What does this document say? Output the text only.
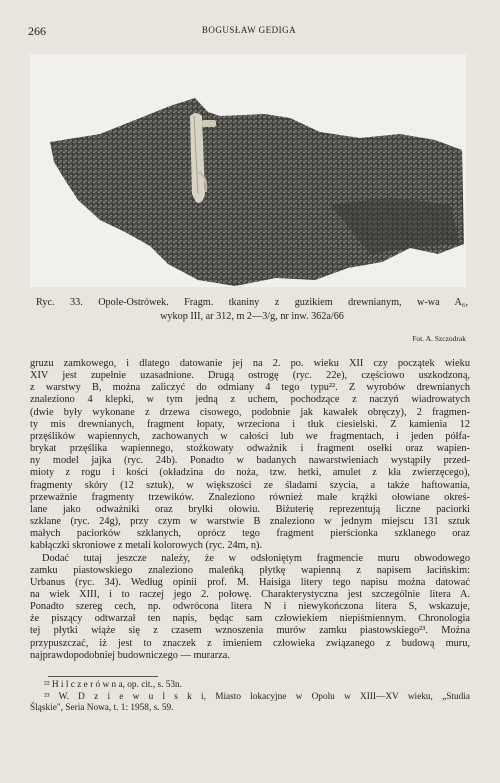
266	BOGUSŁAW GEDIGA
Ryc. 33. Opole-Ostrówek. Fragm. tkaniny z guzikiem drewnianym, w-wa A₆,
wykop III, ar 312, m 2—3/g, nr inw. 362a/66
Fot. A. Szczodrak

gruzu zamkowego, i dlatego datowanie jej na 2. po. wieku XII czy początek wieku
XIV jest zupełnie uzasadnione. Drugą ostrogę (ryc. 22e), częściowo uszkodzoną,
z warstwy B, można zaliczyć do odmiany 4 tego typu²². Z wyrobów drewnianych
znaleziono 4 klepki, w tym jedną z uchem, pochodzące z naczyń wiadrowatych
(dwie były wykonane z drzewa cisowego, podobnie jak kawałek obręczy), 2 fragmen-
ty mis drewnianych, fragment łopaty, wrzeciona i tłuk ciesielski. Z kamienia 12
przęślików wapiennych, zachowanych w całości lub we fragmentach, i jeden półfa-
brykat przęślika wapiennego, stożkowaty odważnik i fragment osełki oraz wapien-
ny model jajka (ryc. 24b). Ponadto w badanych nawarstwieniach wystąpiły przed-
mioty z rogu i kości (okładzina do noża, tzw. hetki, amulet z kła zwierzęcego),
fragmenty skóry (12 sztuk), w większości ze śladami szycia, a także haftowania,
przeważnie fragmenty trzewików. Znaleziono również małe krążki ołowiane okreś-
lane jako odważniki oraz bryłki ołowiu. Biżuterię reprezentują liczne paciorki
szklane (ryc. 24g), przy czym w warstwie B znaleziono w jednym miejscu 131 sztuk
małych paciorków szklanych, oprócz tego fragment pierścionka szklanego oraz
kabłączki skroniowe z metali kolorowych (ryc. 24m, n).

Dodać tutaj jeszcze należy, że w odsłoniętym fragmencie muru obwodowego
zamku piastowskiego znaleziono maleńką płytkę wapienną z napisem łacińskim:
Urbanus (ryc. 34). Według opinii prof. M. Haisiga litery tego napisu można datować
na wiek XIII, i to raczej jego 2. połowę. Charakterystyczna jest szczególnie litera A.
Ponadto szereg cech, np. odwrócona litera N i niewykończona litera S, wskazuje,
że piszący odtwarzał ten napis, będąc sam człowiekiem niepiśmiennym. Chronologia
tej płytki wiąże się z czasem wznoszenia murów zamku piastowskiego²³. Można
przypuszczać, iż jest to znaczek z imieniem człowieka związanego z budową muru,
najprawdopodobniej budowniczego — murarza.

²² H i l c z e r ó w n a, op. cit., s. 53n.
²³ W. D z i e w u l s k i, Miasto lokacyjne w Opolu w XIII—XV wieku, „Studia
Śląskie", Seria Nowa, t. 1: 1958, s. 59.
